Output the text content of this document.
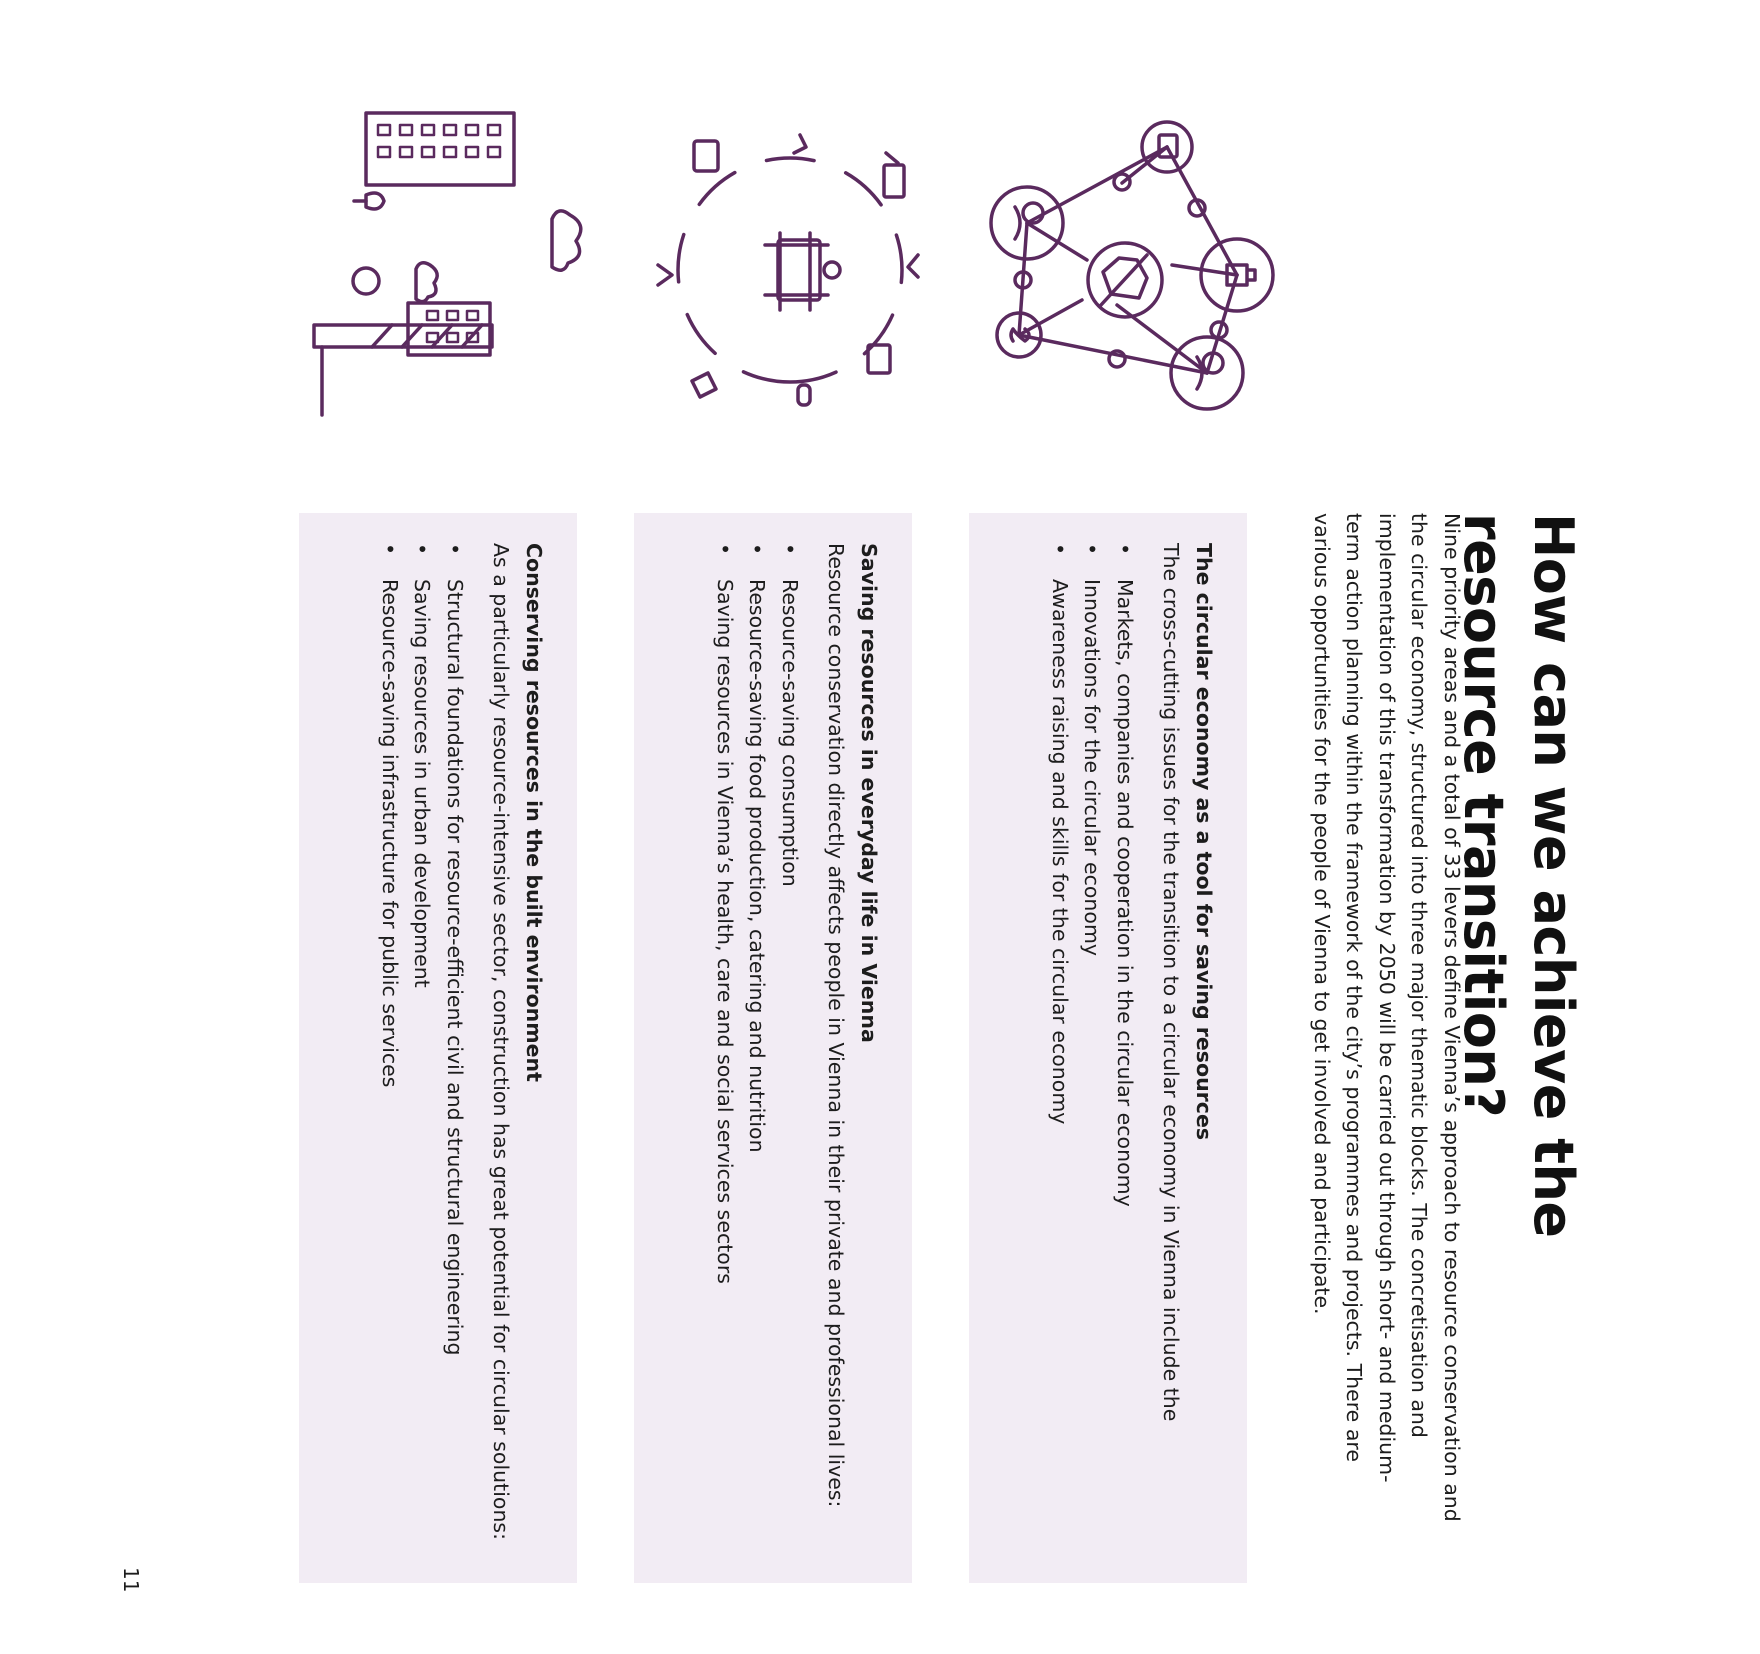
How can we achieve the resource transition?

Nine priority areas and a total of 33 levers define Vienna’s approach to resource conservation and the circular economy, structured into three major thematic blocks. The concretisation and implementation of this transformation by 2050 will be carried out through short- and medium-term action planning within the framework of the city’s programmes and projects. There are various opportunities for the people of Vienna to get involved and participate.

The circular economy as a tool for saving resources

The cross-cutting issues for the transition to a circular economy in Vienna include the

• Markets, companies and cooperation in the circular economy
• Innovations for the circular economy
• Awareness raising and skills for the circular economy

Saving resources in everyday life in Vienna

Resource conservation directly affects people in Vienna in their private and professional lives:

• Resource-saving consumption
• Resource-saving food production, catering and nutrition
• Saving resources in Vienna’s health, care and social services sectors

Conserving resources in the built environment

As a particularly resource-intensive sector, construction has great potential for circular solutions:

• Structural foundations for resource-efficient civil and structural engineering
• Saving resources in urban development
• Resource-saving infrastructure for public services

11
